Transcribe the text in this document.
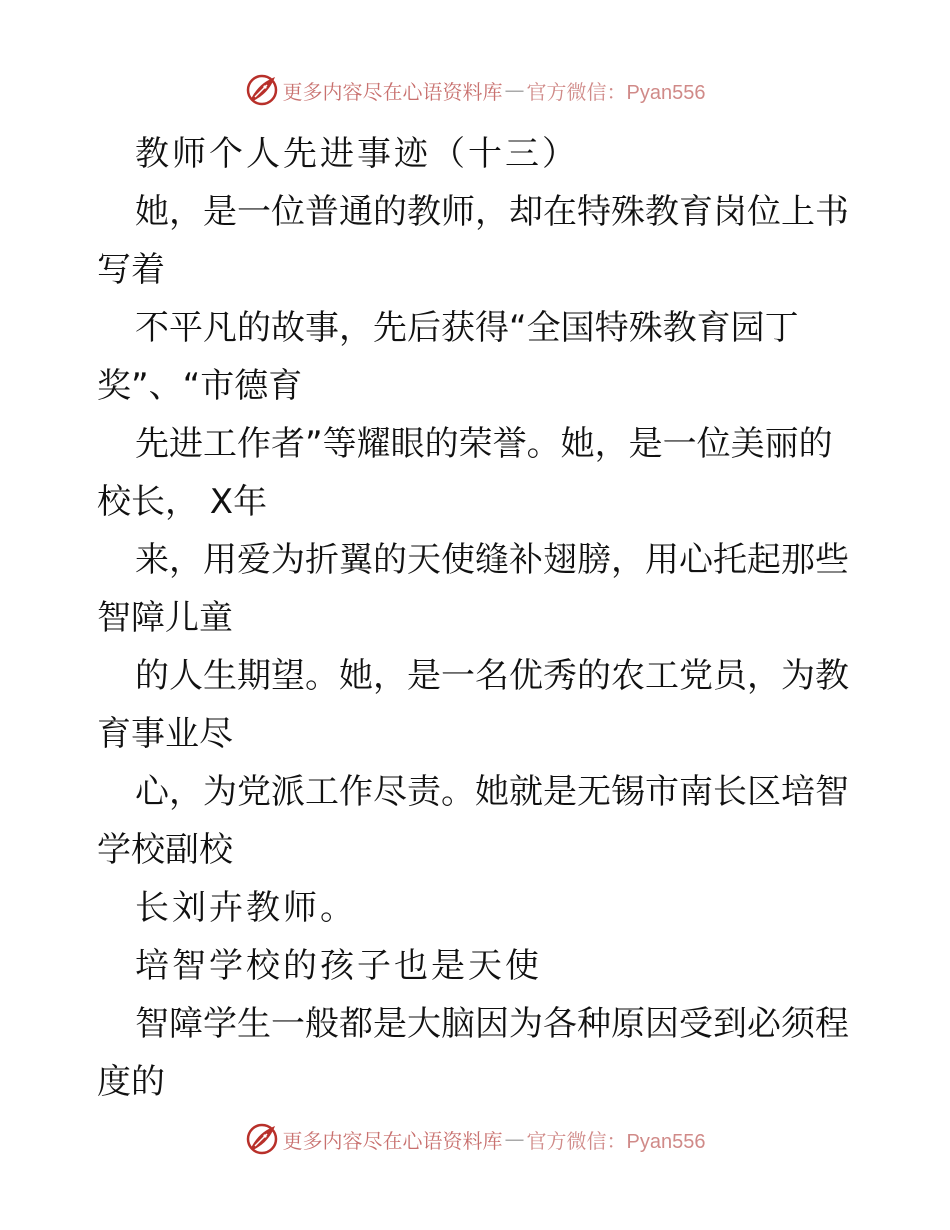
更多内容尽在心语资料库 — 官方微信：Pyan556
教师个人先进事迹（十三）
她，是一位普通的教师，却在特殊教育岗位上书
写着
不平凡的故事，先后获得“全国特殊教育园丁
奖”、“市德育
先进工作者”等耀眼的荣誉。她，是一位美丽的
校长， X年
来，用爱为折翼的天使缝补翅膀，用心托起那些
智障儿童
的人生期望。她，是一名优秀的农工党员，为教
育事业尽
心，为党派工作尽责。她就是无锡市南长区培智
学校副校
长刘卉教师。
培智学校的孩子也是天使
智障学生一般都是大脑因为各种原因受到必须程
度的
更多内容尽在心语资料库 — 官方微信：Pyan556
